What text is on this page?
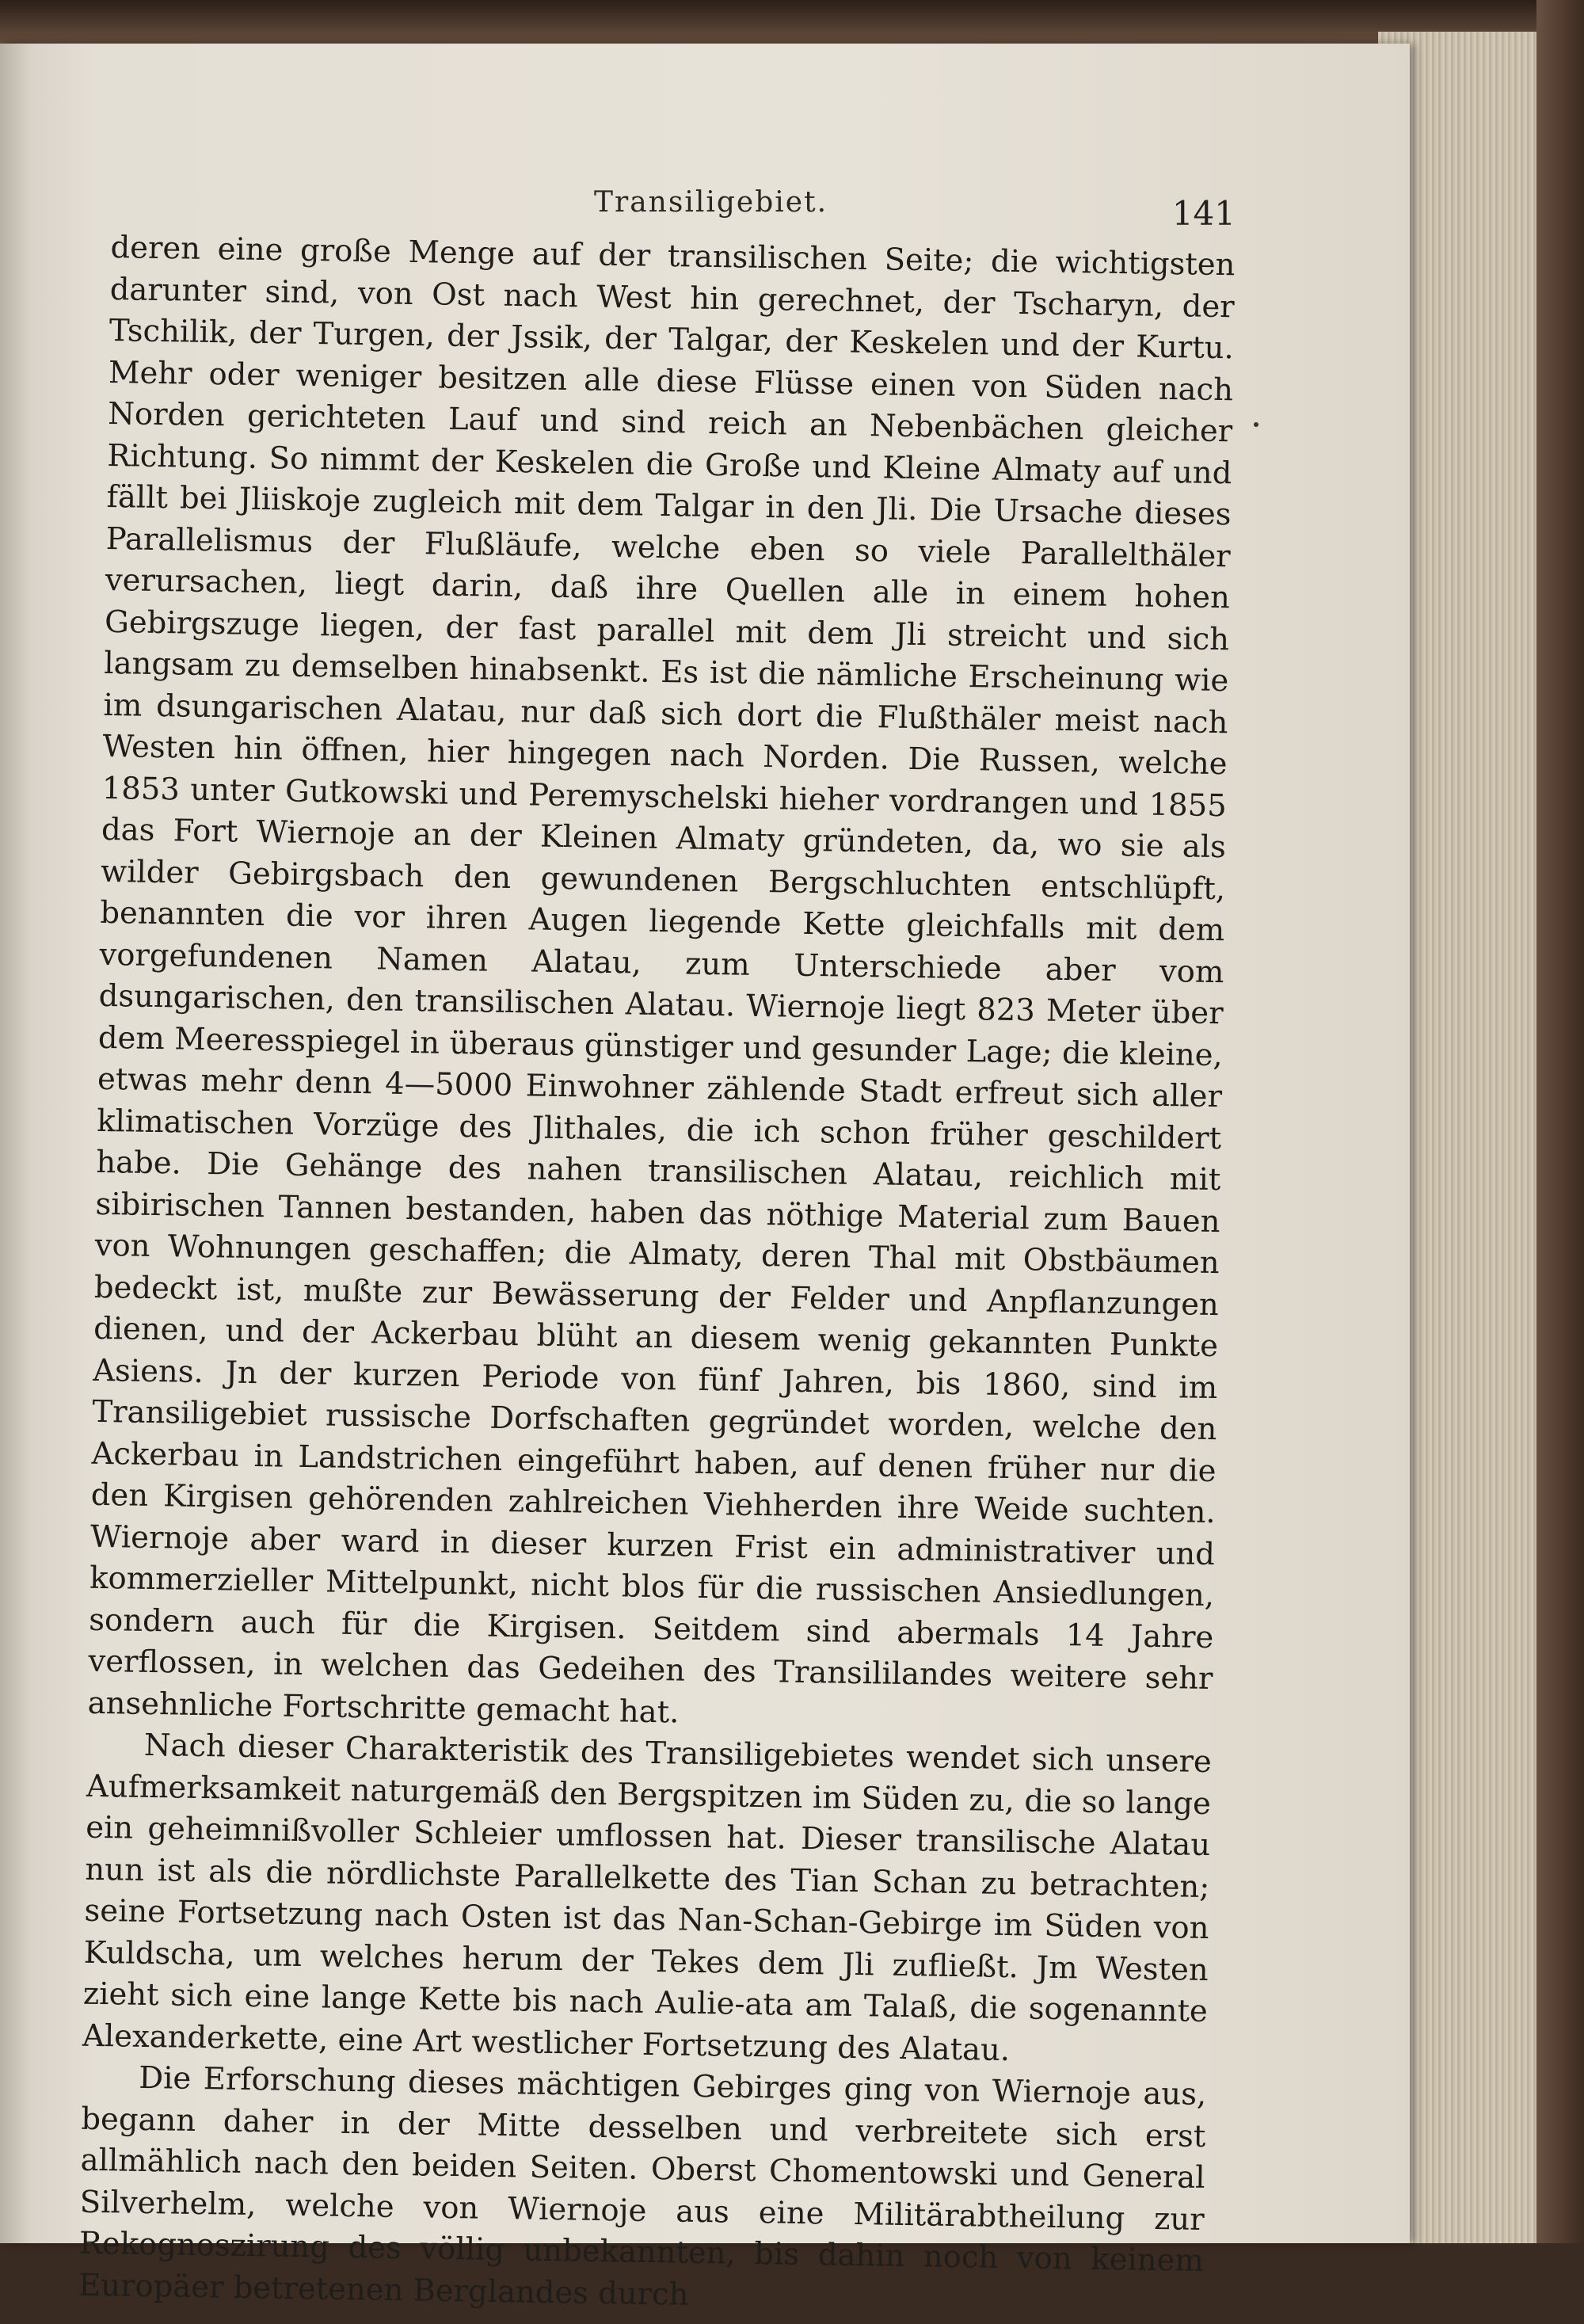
Transiligebiet.	141

deren eine große Menge auf der transilischen Seite; die wichtigsten darunter sind, von Ost nach West hin gerechnet, der Tscharyn, der Tschilik, der Turgen, der Jssik, der Talgar, der Keskelen und der Kurtu. Mehr oder weniger besitzen alle diese Flüsse einen von Süden nach Norden gerichteten Lauf und sind reich an Nebenbächen gleicher Richtung. So nimmt der Keskelen die Große und Kleine Almaty auf und fällt bei Jliiskoje zugleich mit dem Talgar in den Jli. Die Ursache dieses Parallelismus der Flußläufe, welche eben so viele Parallelthäler verursachen, liegt darin, daß ihre Quellen alle in einem hohen Gebirgszuge liegen, der fast parallel mit dem Jli streicht und sich langsam zu demselben hinabsenkt. Es ist die nämliche Erscheinung wie im dsungarischen Alatau, nur daß sich dort die Flußthäler meist nach Westen hin öffnen, hier hingegen nach Norden. Die Russen, welche 1853 unter Gutkowski und Peremyschelski hieher vordrangen und 1855 das Fort Wiernoje an der Kleinen Almaty gründeten, da, wo sie als wilder Gebirgsbach den gewundenen Bergschluchten entschlüpft, benannten die vor ihren Augen liegende Kette gleichfalls mit dem vorgefundenen Namen Alatau, zum Unterschiede aber vom dsungarischen, den transilischen Alatau. Wiernoje liegt 823 Meter über dem Meeresspiegel in überaus günstiger und gesunder Lage; die kleine, etwas mehr denn 4—5000 Einwohner zählende Stadt erfreut sich aller klimatischen Vorzüge des Jlithales, die ich schon früher geschildert habe. Die Gehänge des nahen transilischen Alatau, reichlich mit sibirischen Tannen bestanden, haben das nöthige Material zum Bauen von Wohnungen geschaffen; die Almaty, deren Thal mit Obstbäumen bedeckt ist, mußte zur Bewässerung der Felder und Anpflanzungen dienen, und der Ackerbau blüht an diesem wenig gekannten Punkte Asiens. Jn der kurzen Periode von fünf Jahren, bis 1860, sind im Transiligebiet russische Dorfschaften gegründet worden, welche den Ackerbau in Landstrichen eingeführt haben, auf denen früher nur die den Kirgisen gehörenden zahlreichen Viehherden ihre Weide suchten. Wiernoje aber ward in dieser kurzen Frist ein administrativer und kommerzieller Mittelpunkt, nicht blos für die russischen Ansiedlungen, sondern auch für die Kirgisen. Seitdem sind abermals 14 Jahre verflossen, in welchen das Gedeihen des Transililandes weitere sehr ansehnliche Fortschritte gemacht hat.

Nach dieser Charakteristik des Transiligebietes wendet sich unsere Aufmerksamkeit naturgemäß den Bergspitzen im Süden zu, die so lange ein geheimnißvoller Schleier umflossen hat. Dieser transilische Alatau nun ist als die nördlichste Parallelkette des Tian Schan zu betrachten; seine Fortsetzung nach Osten ist das Nan-Schan-Gebirge im Süden von Kuldscha, um welches herum der Tekes dem Jli zufließt. Jm Westen zieht sich eine lange Kette bis nach Aulie-ata am Talaß, die sogenannte Alexanderkette, eine Art westlicher Fortsetzung des Alatau.

Die Erforschung dieses mächtigen Gebirges ging von Wiernoje aus, begann daher in der Mitte desselben und verbreitete sich erst allmählich nach den beiden Seiten. Oberst Chomentowski und General Silverhelm, welche von Wiernoje aus eine Militärabtheilung zur Rekognoszirung des völlig unbekannten, bis dahin noch von keinem Europäer betretenen Berglandes durch
